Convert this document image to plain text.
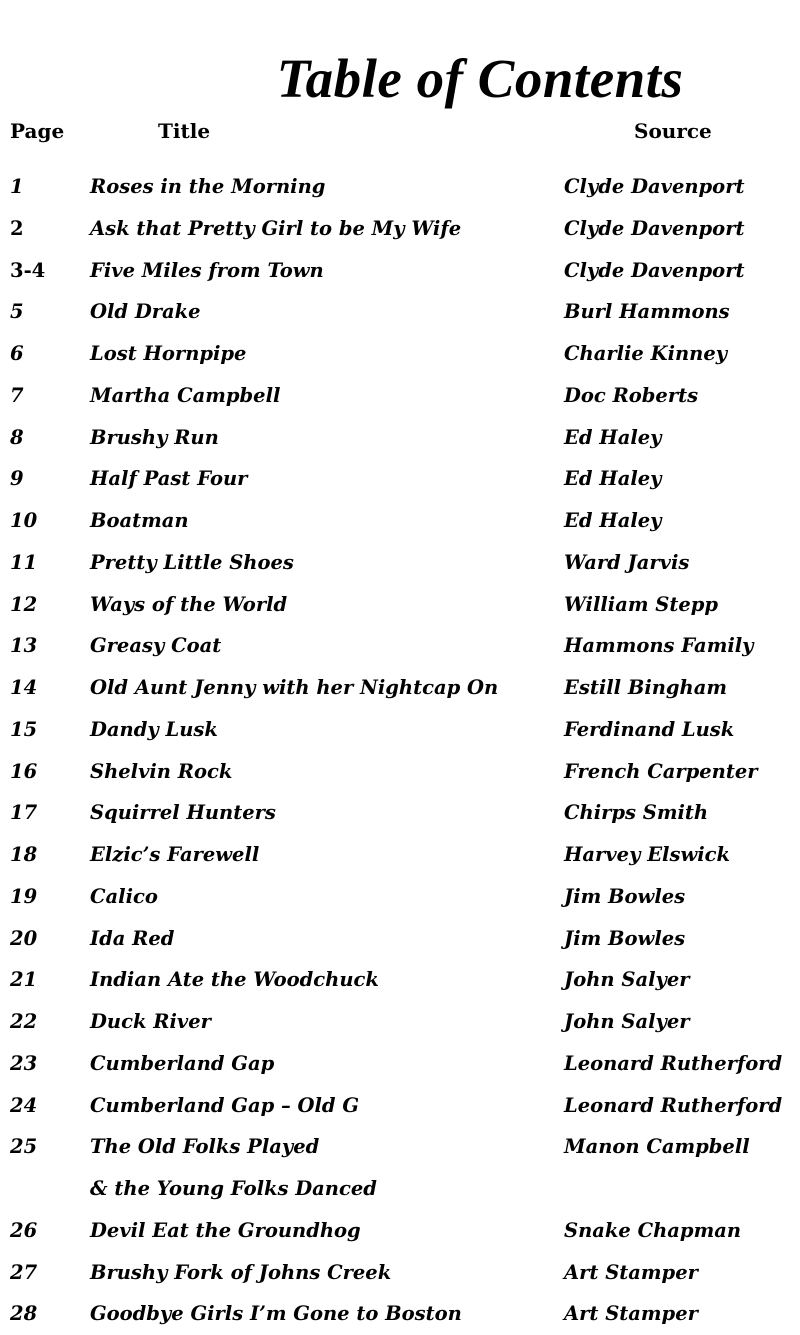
Table of Contents
Page	Title	Source
1	Roses in the Morning	Clyde Davenport
2	Ask that Pretty Girl to be My Wife	Clyde Davenport
3-4 Five Miles from Town	Clyde Davenport
5	Old Drake	Burl Hammons
6	Lost Hornpipe	Charlie Kinney
7	Martha Campbell	Doc Roberts
8	Brushy Run	Ed Haley
9	Half Past Four	Ed Haley
10	Boatman	Ed Haley
11	Pretty Little Shoes	Ward Jarvis
12	Ways of the World	William Stepp
13	Greasy Coat	Hammons Family
14	Old Aunt Jenny with her Nightcap On	Estill Bingham
15	Dandy Lusk	Ferdinand Lusk
16	Shelvin Rock	French Carpenter
17	Squirrel Hunters	Chirps Smith
18	Elzic’s Farewell	Harvey Elswick
19	Calico	Jim Bowles
20	Ida Red	Jim Bowles
21	Indian Ate the Woodchuck	John Salyer
22	Duck River	John Salyer
23	Cumberland Gap	Leonard Rutherford
24	Cumberland Gap – Old G	Leonard Rutherford
25	The Old Folks Played	Manon Campbell
& the Young Folks Danced
26	Devil Eat the Groundhog	Snake Chapman
27	Brushy Fork of Johns Creek	Art Stamper
28	Goodbye Girls I’m Gone to Boston	Art Stamper
